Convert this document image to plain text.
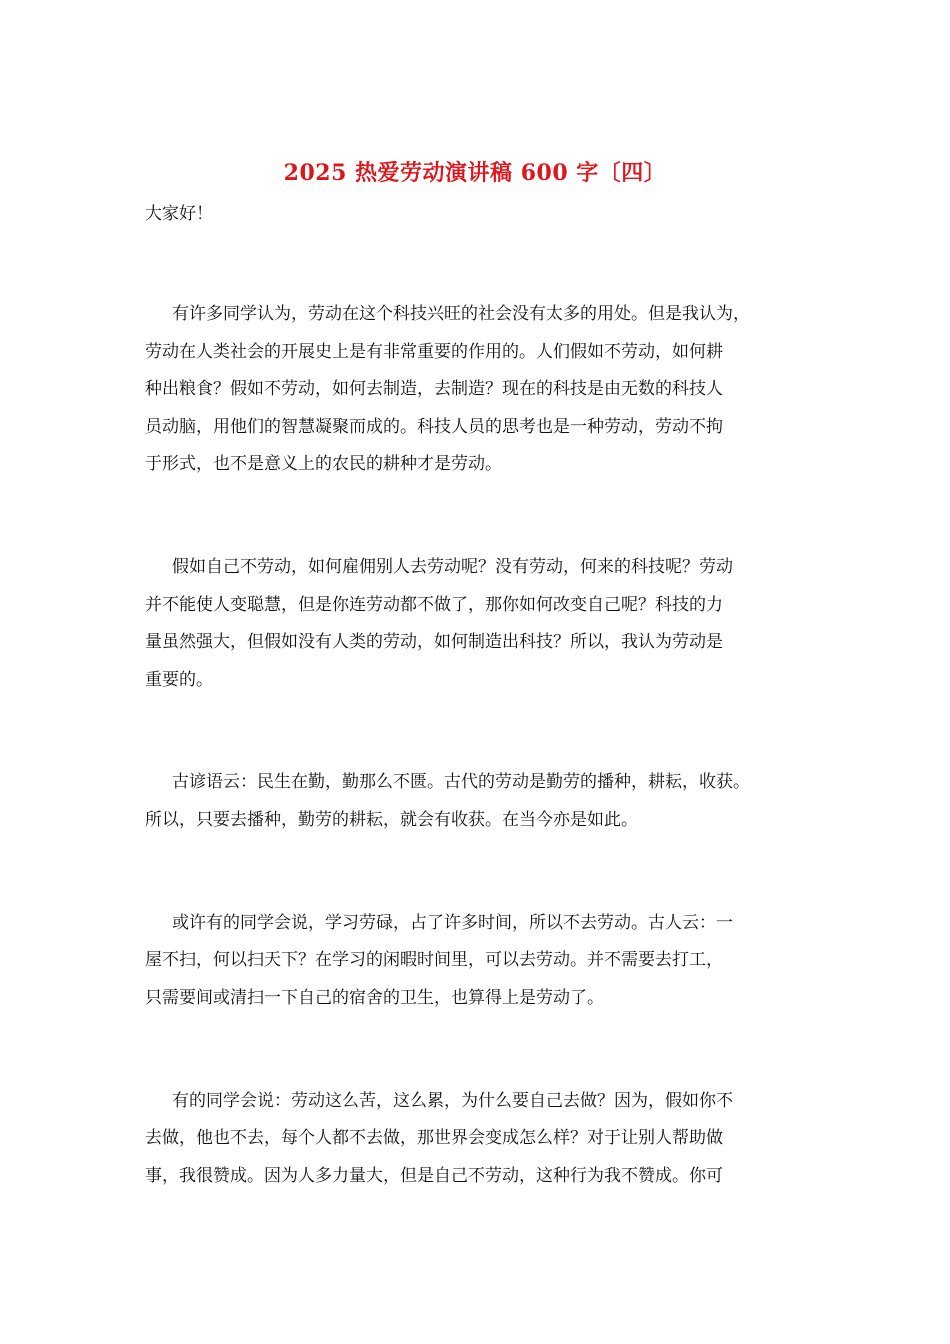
2025 热爱劳动演讲稿 600 字〔四〕

大家好！

有许多同学认为，劳动在这个科技兴旺的社会没有太多的用处。但是我认为，

劳动在人类社会的开展史上是有非常重要的作用的。人们假如不劳动，如何耕

种出粮食？假如不劳动，如何去制造，去制造？现在的科技是由无数的科技人

员动脑，用他们的智慧凝聚而成的。科技人员的思考也是一种劳动，劳动不拘

于形式，也不是意义上的农民的耕种才是劳动。

假如自己不劳动，如何雇佣别人去劳动呢？没有劳动，何来的科技呢？劳动

并不能使人变聪慧，但是你连劳动都不做了，那你如何改变自己呢？科技的力

量虽然强大，但假如没有人类的劳动，如何制造出科技？所以，我认为劳动是

重要的。

古谚语云：民生在勤，勤那么不匮。古代的劳动是勤劳的播种，耕耘，收获。

所以，只要去播种，勤劳的耕耘，就会有收获。在当今亦是如此。

或许有的同学会说，学习劳碌，占了许多时间，所以不去劳动。古人云：一

屋不扫，何以扫天下？在学习的闲暇时间里，可以去劳动。并不需要去打工，

只需要间或清扫一下自己的宿舍的卫生，也算得上是劳动了。

有的同学会说：劳动这么苦，这么累，为什么要自己去做？因为，假如你不

去做，他也不去，每个人都不去做，那世界会变成怎么样？对于让别人帮助做

事，我很赞成。因为人多力量大，但是自己不劳动，这种行为我不赞成。你可
